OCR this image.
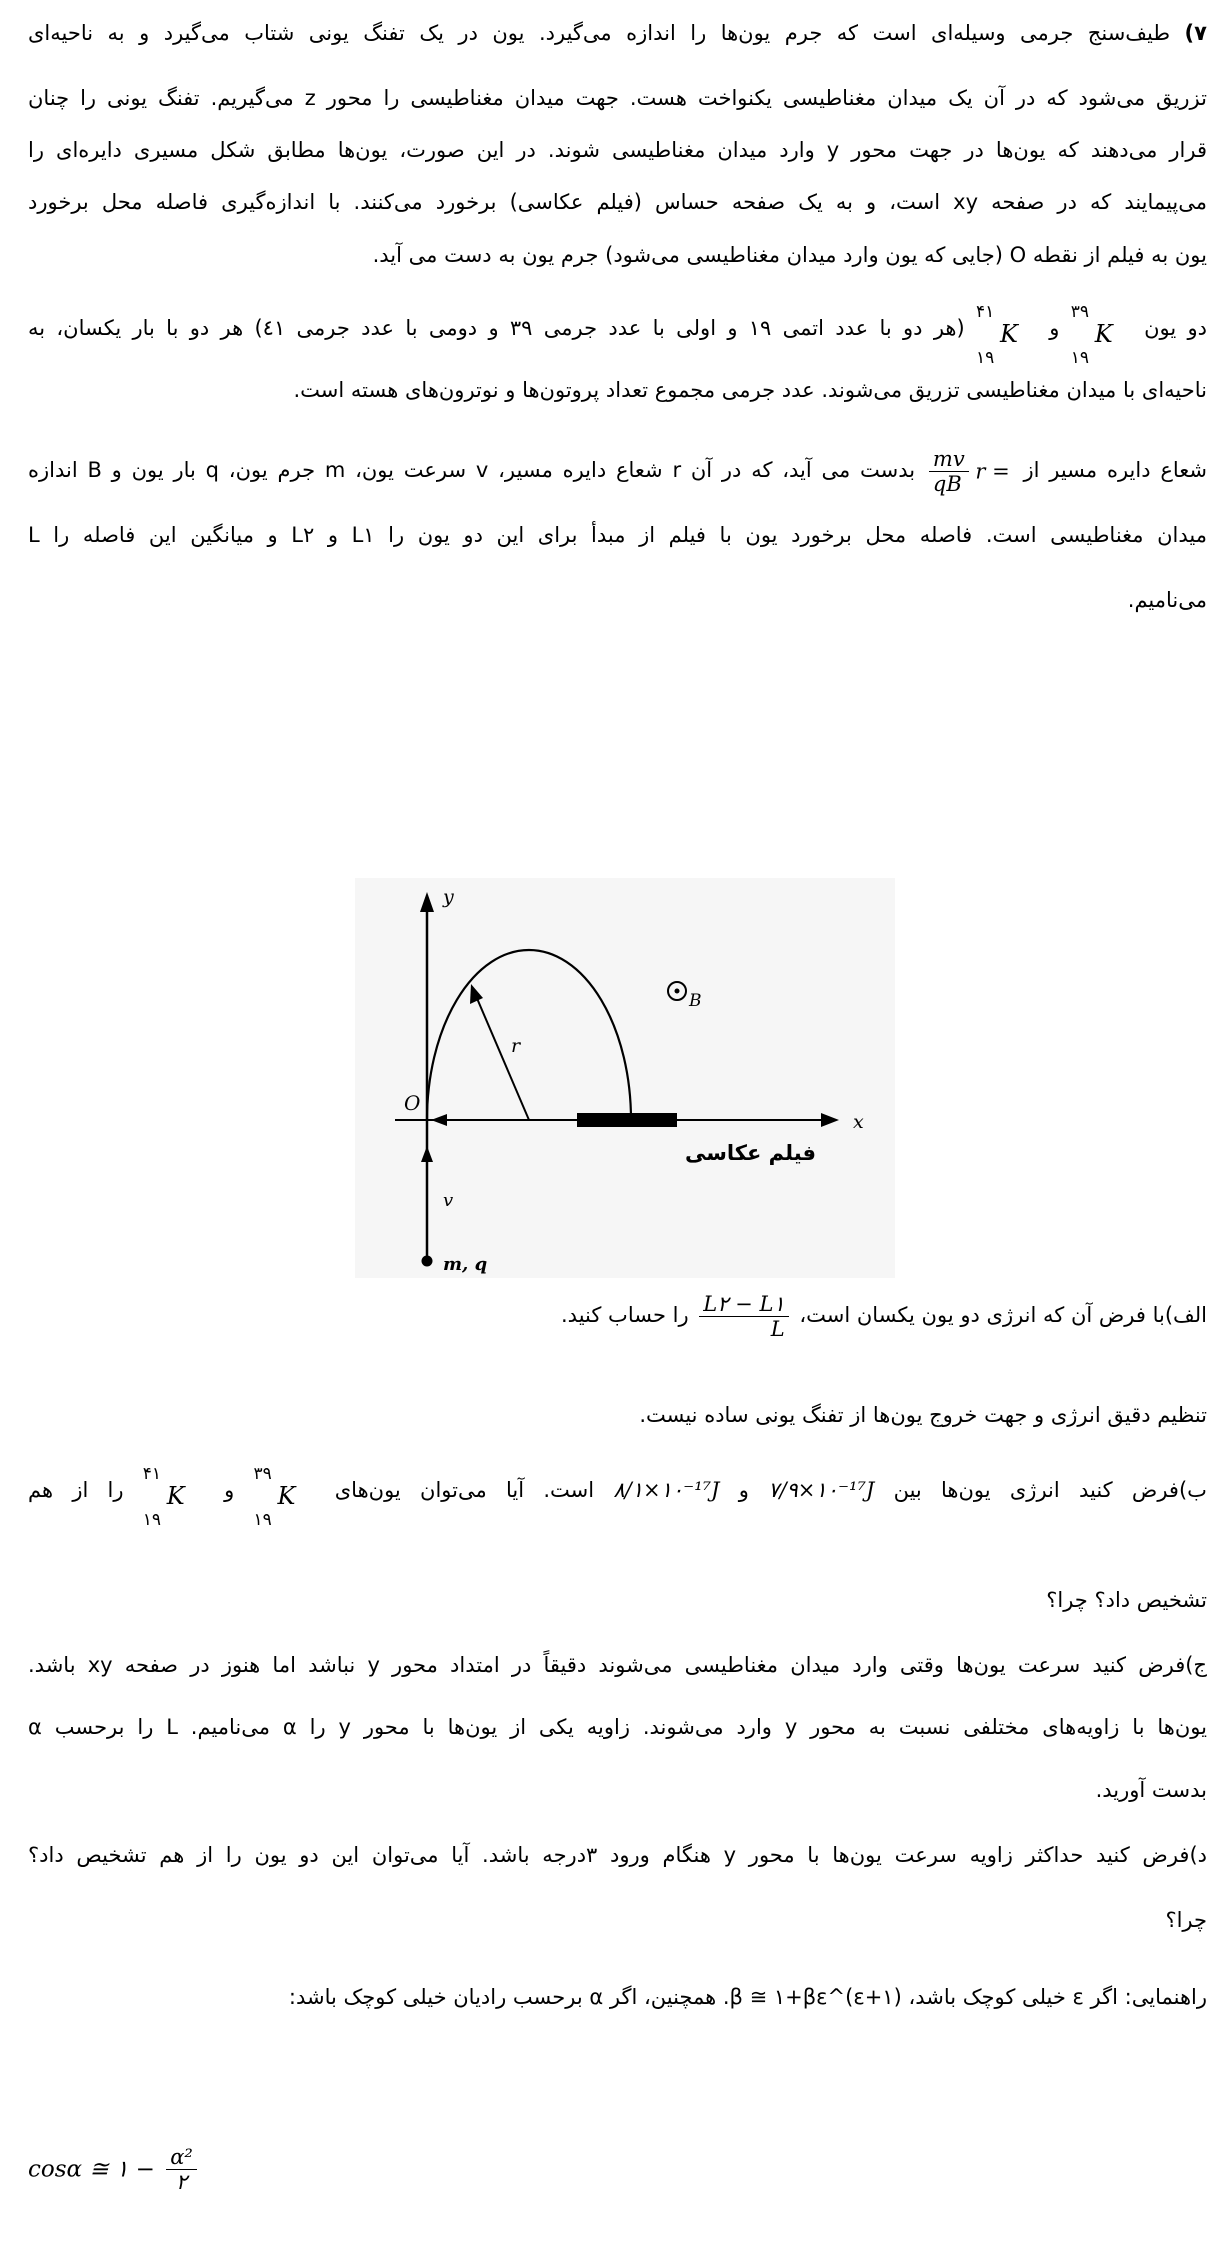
۷) طیف‌سنج جرمی وسیله‌ای است که جرم یون‌ها را اندازه می‌گیرد. یون در یک تفنگ یونی شتاب می‌گیرد و به ناحیه‌ای
تزریق می‌شود که در آن یک میدان مغناطیسی یکنواخت هست. جهت میدان مغناطیسی را محور z می‌گیریم. تفنگ یونی را چنان
قرار می‌دهند که یون‌ها در جهت محور y وارد میدان مغناطیسی شوند. در این صورت، یون‌ها مطابق شکل مسیری دایره‌ای را
می‌پیمایند که در صفحه xy است، و به یک صفحه حساس (فیلم عکاسی) برخورد می‌کنند. با اندازه‌گیری فاصله محل برخورد
یون به فیلم از نقطه O (جایی که یون وارد میدان مغناطیسی می‌شود) جرم یون به دست می آید.
دو یون
۳۹
K
۱۹
و
۴۱
K
۱۹
(هر دو با عدد اتمی ۱۹ و اولی با عدد جرمی ۳۹ و دومی با عدد جرمی ٤١) هر دو با بار یکسان، به
ناحیه‌ای با میدان مغناطیسی تزریق می‌شوند. عدد جرمی مجموع تعداد پروتون‌ها و نوترون‌های هسته است.
شعاع دایره مسیر از
$\frac{mv}{qB}$ r = بدست می آید، که در آن r شعاع دایره مسیر، v سرعت یون، m جرم یون، q بار یون و B اندازه
میدان مغناطیسی است. فاصله محل برخورد یون با فیلم از مبدأ برای این دو یون را L۱ و L۲ و میانگین این فاصله را L
می‌نامیم.
y
x
O
r
B
v
m, q
فیلم عکاسی
الف)با فرض آن که انرژی دو یون یکسان است،
$\frac{L۲ - L۱}{L}$
را حساب کنید.
تنظیم دقیق انرژی و جهت خروج یون‌ها از تفنگ یونی ساده نیست.
ب)فرض کنید انرژی یون‌ها بین ۷/۹×۱۰⁻¹⁷J و ۸/۱×۱۰⁻¹⁷J است. آیا می‌توان یون‌های
۳۹
K
۱۹
و
۴۱
K
۱۹
را از هم
تشخیص داد؟ چرا؟
ج)فرض کنید سرعت یون‌ها وقتی وارد میدان مغناطیسی می‌شوند دقیقاً در امتداد محور y نباشد اما هنوز در صفحه xy باشد.
یون‌ها با زاویه‌های مختلفی نسبت به محور y وارد می‌شوند. زاویه یکی از یون‌ها با محور y را α می‌نامیم. L را برحسب α
بدست آورید.
د)فرض کنید حداکثر زاویه سرعت یون‌ها با محور y هنگام ورود ۳درجه باشد. آیا می‌توان این دو یون را از هم تشخیص داد؟
چرا؟
راهنمایی: اگر ε خیلی کوچک باشد، (۱+ε)^β ≅ ۱+βε. همچنین، اگر α برحسب رادیان خیلی کوچک باشد:
cosα ≅ ۱ − $\frac{\text{α²}}{۲}$
